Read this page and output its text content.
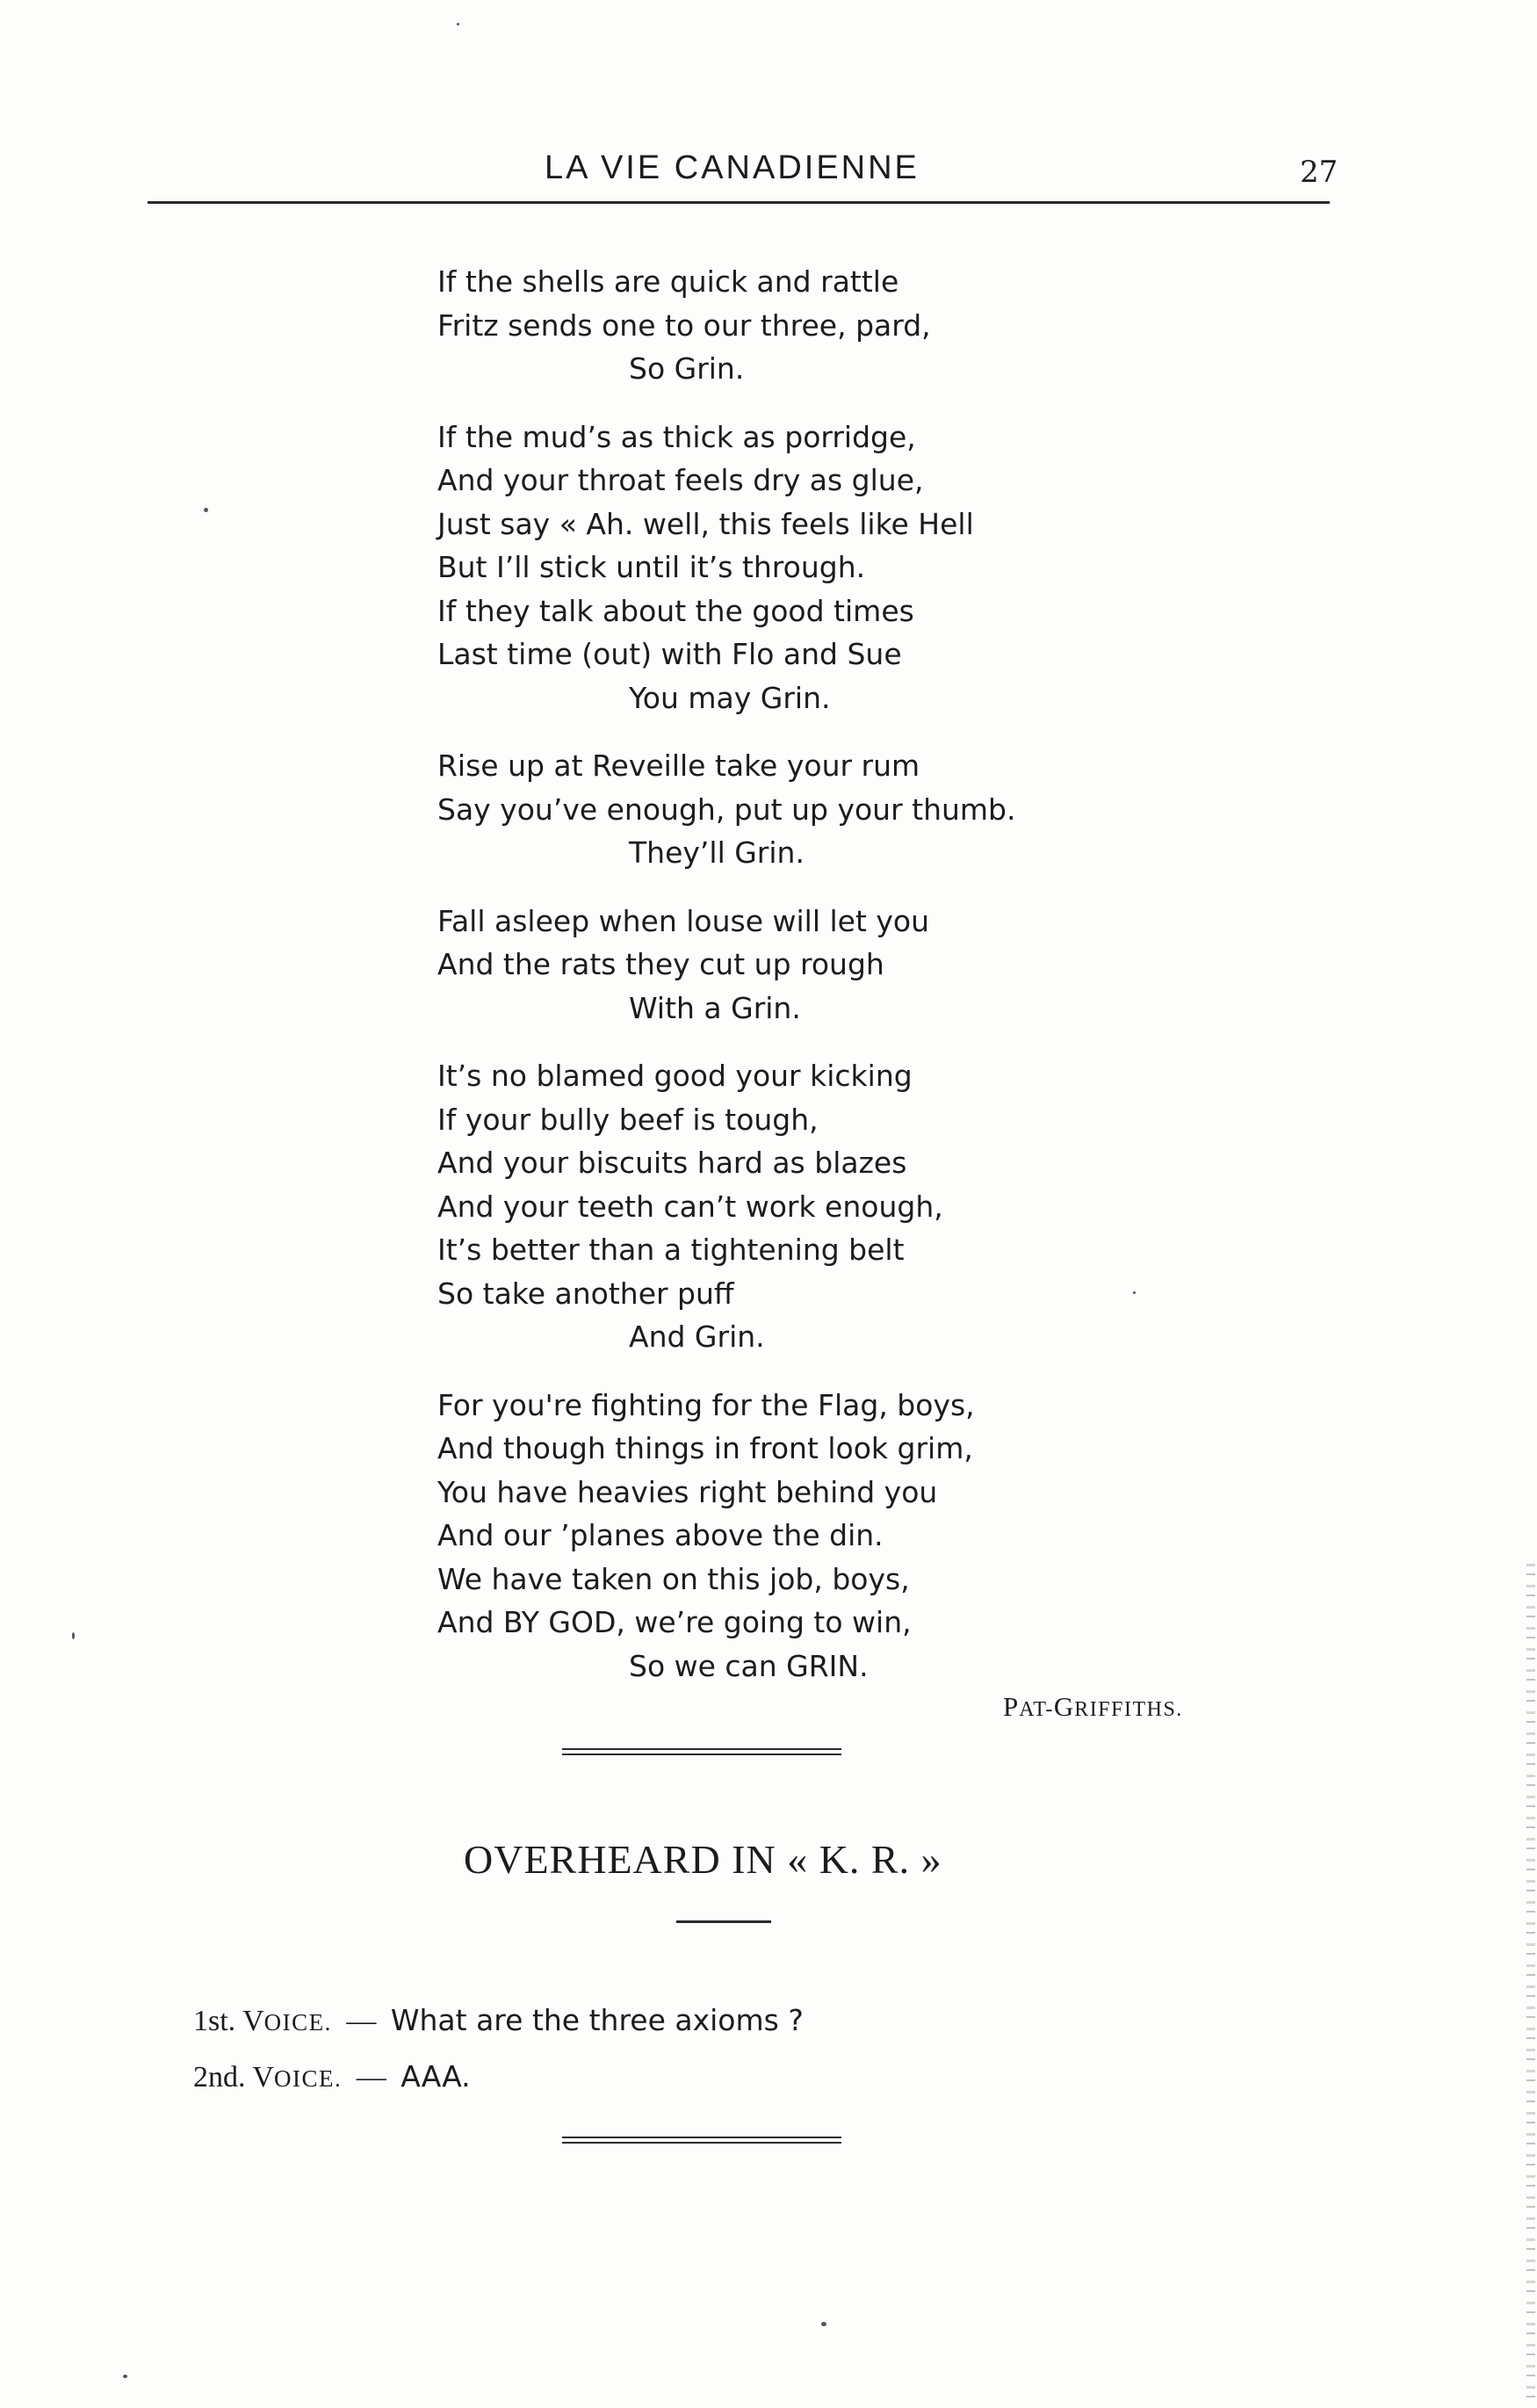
LA VIE CANADIENNE	27
If the shells are quick and rattle
Fritz sends one to our three, pard,
So Grin.
If the mud’s as thick as porridge,
And your throat feels dry as glue,
Just say « Ah. well, this feels like Hell
But I’ll stick until it’s through.
If they talk about the good times
Last time (out) with Flo and Sue
You may Grin.
Rise up at Reveille take your rum
Say you’ve enough, put up your thumb.
They’ll Grin.
Fall asleep when louse will let you
And the rats they cut up rough
With a Grin.
It’s no blamed good your kicking
If your bully beef is tough,
And your biscuits hard as blazes
And your teeth can’t work enough,
It’s better than a tightening belt
So take another puff
And Grin.
For you're fighting for the Flag, boys,
And though things in front look grim,
You have heavies right behind you
And our ’planes above the din.
We have taken on this job, boys,
And BY GOD, we’re going to win,
So we can GRIN.
PAT-GRIFFITHS.
OVERHEARD IN « K. R. »
1st. VOICE. — What are the three axioms ?
2nd. VOICE. — AAA.
